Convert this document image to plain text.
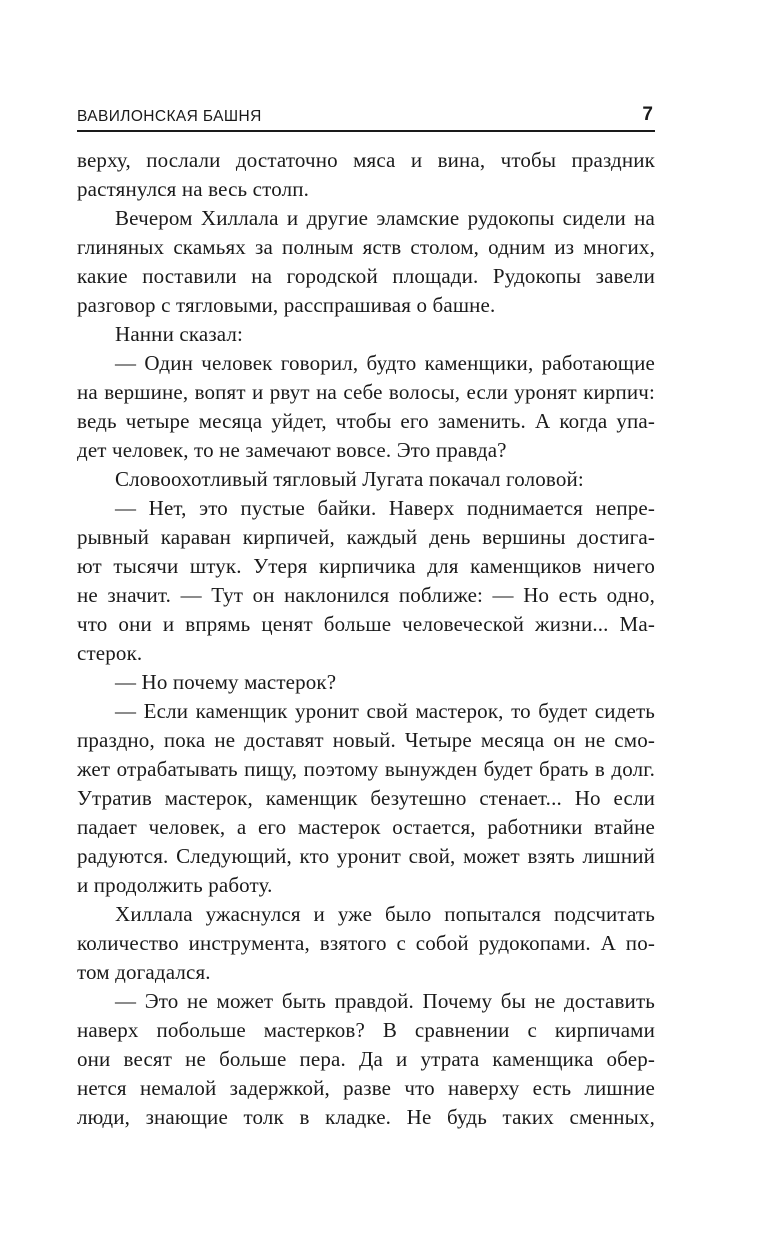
ВАВИЛОНСКАЯ БАШНЯ	7
верху, послали достаточно мяса и вина, чтобы праздник
растянулся на весь столп.
Вечером Хиллала и другие эламские рудокопы сидели на
глиняных скамьях за полным яств столом, одним из многих,
какие поставили на городской площади. Рудокопы завели
разговор с тягловыми, расспрашивая о башне.
Нанни сказал:
— Один человек говорил, будто каменщики, работающие
на вершине, вопят и рвут на себе волосы, если уронят кирпич:
ведь четыре месяца уйдет, чтобы его заменить. А когда упа-
дет человек, то не замечают вовсе. Это правда?
Словоохотливый тягловый Лугата покачал головой:
— Нет, это пустые байки. Наверх поднимается непре-
рывный караван кирпичей, каждый день вершины достига-
ют тысячи штук. Утеря кирпичика для каменщиков ничего
не значит. — Тут он наклонился поближе: — Но есть одно,
что они и впрямь ценят больше человеческой жизни... Ма-
стерок.
— Но почему мастерок?
— Если каменщик уронит свой мастерок, то будет сидеть
праздно, пока не доставят новый. Четыре месяца он не смо-
жет отрабатывать пищу, поэтому вынужден будет брать в долг.
Утратив мастерок, каменщик безутешно стенает... Но если
падает человек, а его мастерок остается, работники втайне
радуются. Следующий, кто уронит свой, может взять лишний
и продолжить работу.
Хиллала ужаснулся и уже было попытался подсчитать
количество инструмента, взятого с собой рудокопами. А по-
том догадался.
— Это не может быть правдой. Почему бы не доставить
наверх побольше мастерков? В сравнении с кирпичами
они весят не больше пера. Да и утрата каменщика обер-
нется немалой задержкой, разве что наверху есть лишние
люди, знающие толк в кладке. Не будь таких сменных,
